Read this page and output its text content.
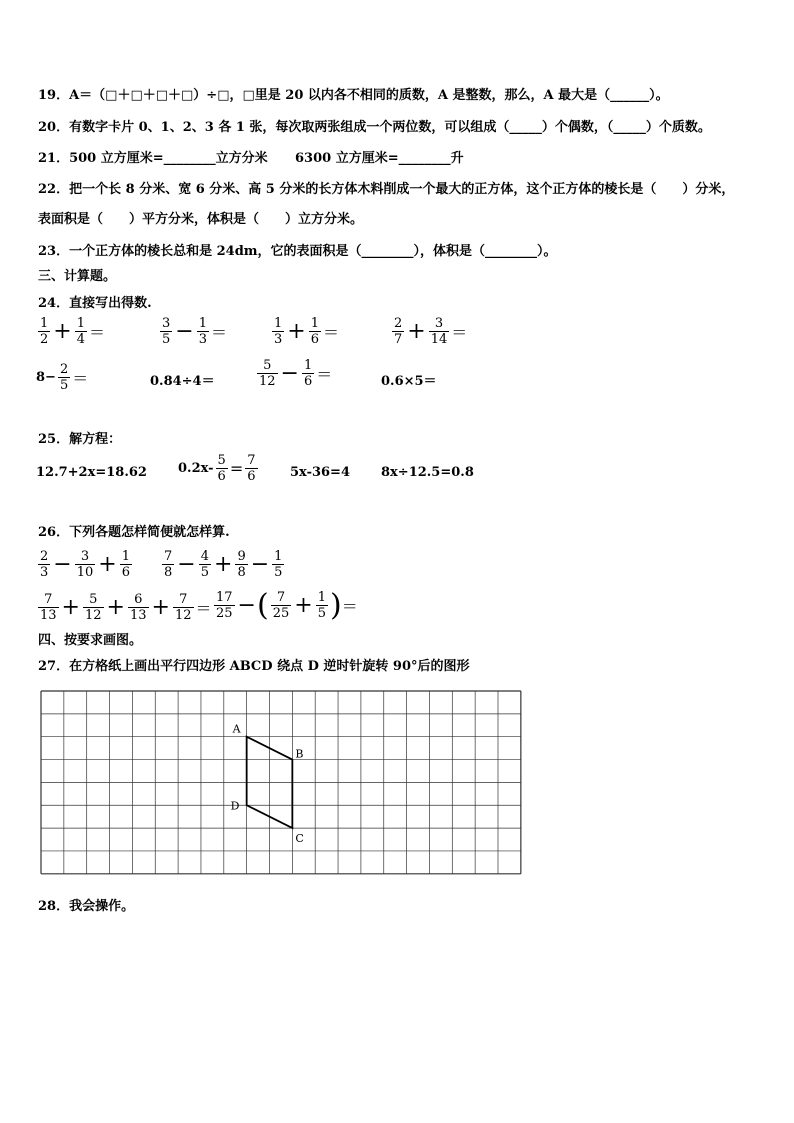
19．A＝（□＋□＋□＋□）÷□，□里是 20 以内各不相同的质数，A 是整数，那么，A 最大是（______）。
20．有数字卡片 0、1、2、3 各 1 张，每次取两张组成一个两位数，可以组成（_____）个偶数，（_____）个质数。
21．500 立方厘米=________立方分米 6300 立方厘米=________升
22．把一个长 8 分米、宽 6 分米、高 5 分米的长方体木料削成一个最大的正方体，这个正方体的棱长是（　　）分米，
表面积是（　　）平方分米，体积是（　　）立方分米。
23．一个正方体的棱长总和是 24dm，它的表面积是（________），体积是（________）。
三、计算题。
24．直接写出得数.
$\frac{1}{2} + \frac{1}{4}$ ＝	$\frac{3}{5} - \frac{1}{3}$ ＝	$\frac{1}{3} + \frac{1}{6}$ ＝	$\frac{2}{7} + \frac{3}{14}$ ＝
$8- \frac{2}{5}$ ＝	0.84÷4＝	$\frac{5}{12} - \frac{1}{6}$ ＝	0.6×5＝
25．解方程：
12.7+2x=18.62 $0.2x- \frac{5}{6} = \frac{7}{6} 5x-36=4$ 8x÷12.5=0.8
26．下列各题怎样简便就怎样算.
$\frac{2}{3} - \frac{3}{10} + \frac{1}{6} \frac{7}{8} - \frac{4}{5} + \frac{9}{8} - \frac{1}{5}$
$\frac{7}{13} + \frac{5}{12} + \frac{6}{13} + \frac{7}{12} = \frac{17}{25}$ −( $\frac{7}{25} + \frac{1}{5}$ )＝
四、按要求画图。
27．在方格纸上画出平行四边形 ABCD 绕点 D 逆时针旋转 90°后的图形
A
B
C
D
28．我会操作。
